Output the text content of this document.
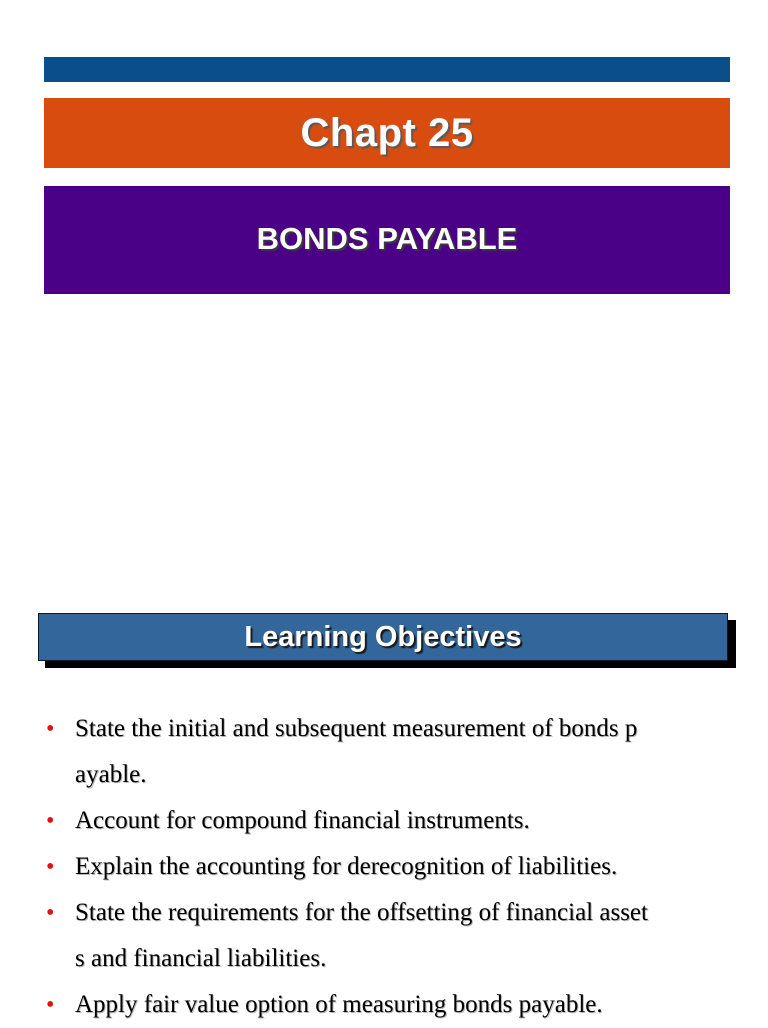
Chapt 25
BONDS PAYABLE
Learning Objectives
• State the initial and subsequent measurement of bonds p
ayable.
• Account for compound financial instruments.
• Explain the accounting for derecognition of liabilities.
• State the requirements for the offsetting of financial asset
s and financial liabilities.
• Apply fair value option of measuring bonds payable.
